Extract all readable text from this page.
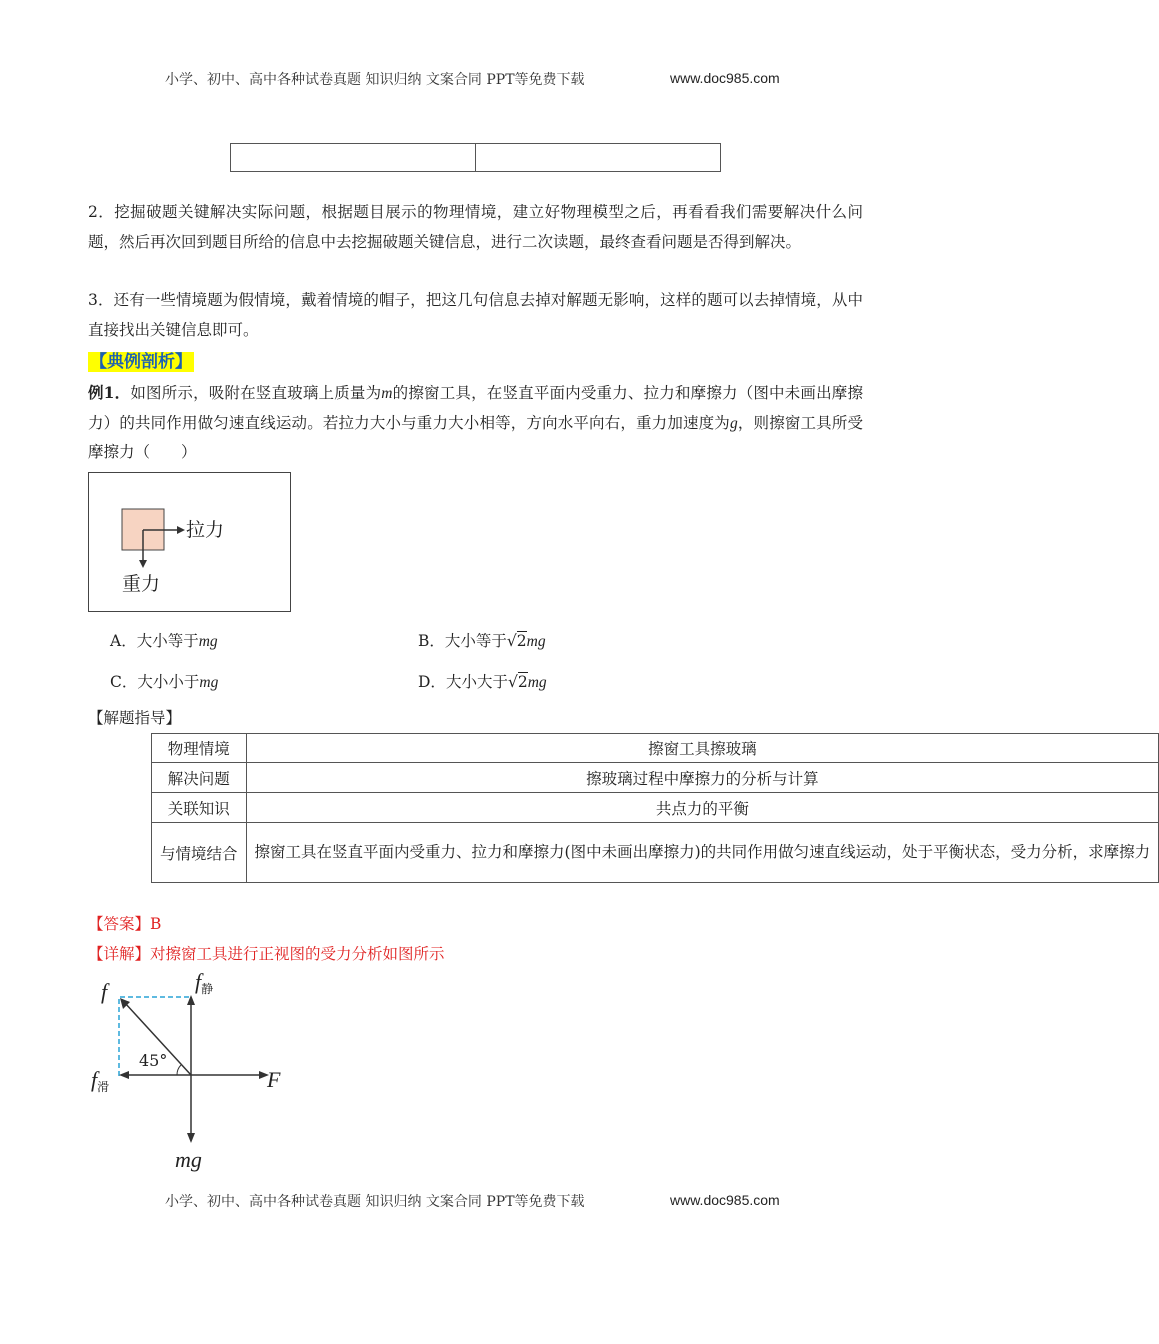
小学、初中、高中各种试卷真题 知识归纳 文案合同 PPT等免费下载	www.doc985.com

2．挖掘破题关键解决实际问题，根据题目展示的物理情境，建立好物理模型之后，再看看我们需要解决什么问题，然后再次回到题目所给的信息中去挖掘破题关键信息，进行二次读题，最终查看问题是否得到解决。
3．还有一些情境题为假情境，戴着情境的帽子，把这几句信息去掉对解题无影响，这样的题可以去掉情境，从中直接找出关键信息即可。
【典例剖析】
例1．如图所示，吸附在竖直玻璃上质量为m的擦窗工具，在竖直平面内受重力、拉力和摩擦力（图中未画出摩擦力）的共同作用做匀速直线运动。若拉力大小与重力大小相等，方向水平向右，重力加速度为g，则擦窗工具所受摩擦力（　　）
拉力
重力
A．大小等于mg	B．大小等于√2mg
C．大小小于mg	D．大小大于√2mg
【解题指导】
物理情境	擦窗工具擦玻璃
解决问题	擦玻璃过程中摩擦力的分析与计算
关联知识	共点力的平衡
与情境结合	擦窗工具在竖直平面内受重力、拉力和摩擦力(图中未画出摩擦力)的共同作用做匀速直线运动，处于平衡状态，受力分析，求摩擦力
【答案】B
【详解】对擦窗工具进行正视图的受力分析如图所示
f	$f_静$
$f_滑$
45°
F
mg
小学、初中、高中各种试卷真题 知识归纳 文案合同 PPT等免费下载	www.doc985.com
